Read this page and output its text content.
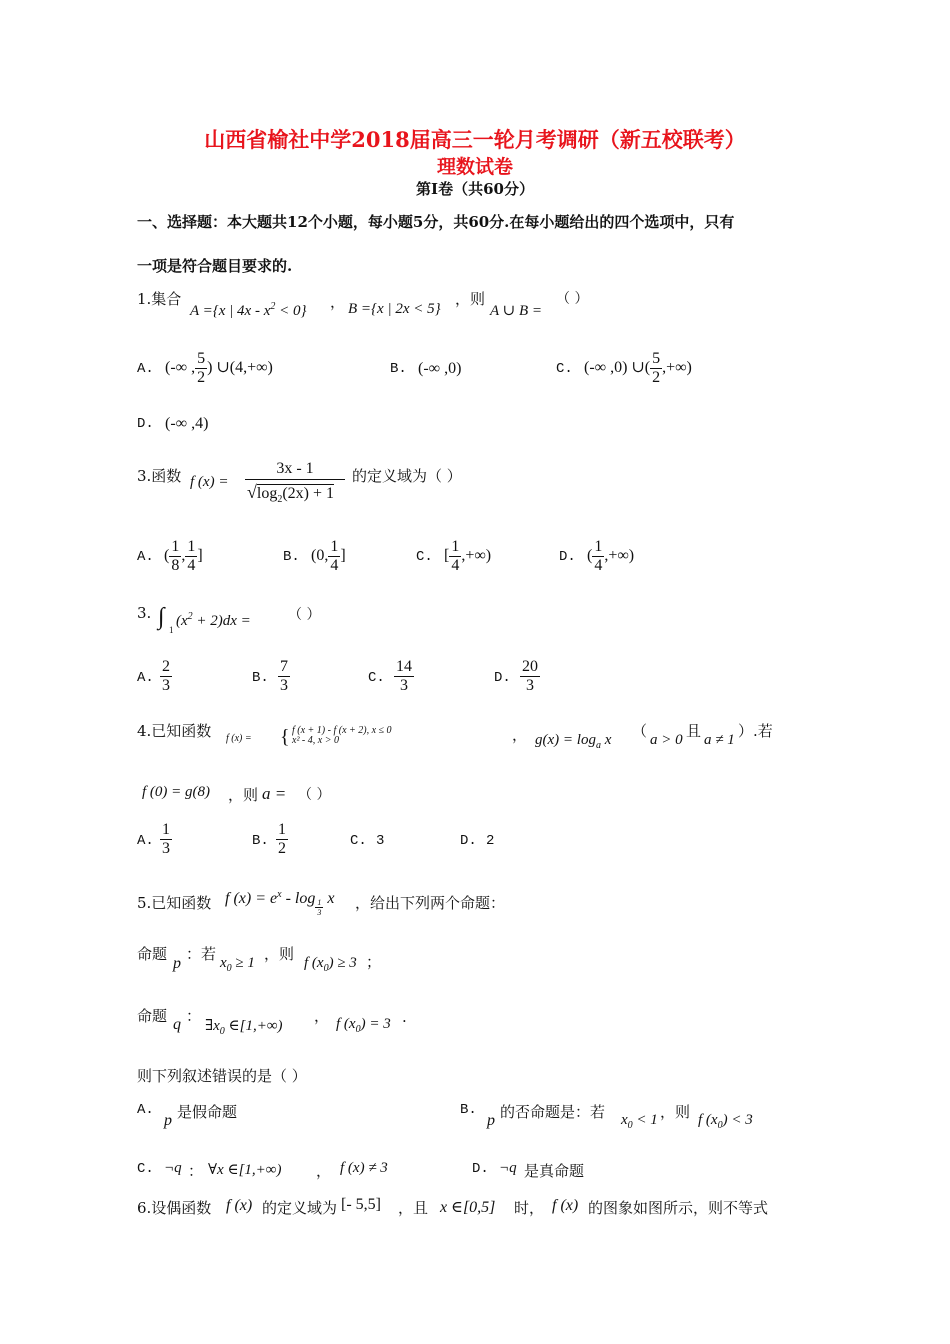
山西省榆社中学2018届高三一轮月考调研（新五校联考）
理数试卷
第Ⅰ卷（共60分）
一、选择题：本大题共12个小题，每小题5分，共60分.在每小题给出的四个选项中，只有
一项是符合题目要求的.
1.集合
A ={x | $4x - x^2 < 0$} ， B ={x | 2x < 5}
，则
A ∪ B =
（ ）
A. (-∞ , $\frac{5}{2}$ ) ∪(4,+∞)	B. (-∞ ,0)	C. (-∞ ,0) ∪( $\frac{5}{2}$ ,+∞)
D. (-∞ ,4)
3.函数 f $(x) = \frac{3x - 1}{√\log_2(2x) + 1}$ 的定义域为（ ）
A. ( $\frac{1}{8}$ , $\frac{1}{4}$ ]	B. (0, $\frac{1}{4}$ ]	C. [ $\frac{1}{4}$ ,+∞)	D. ( $\frac{1}{4}$ ,+∞)
3. ∫ 1
$(x^2 + 2)dx$ =	（ ）
A. $\frac{2}{3}$	B. $\frac{7}{3}$	C. $\frac{14}{3}$	D. $\frac{20}{3}$
4.已知函数 f (x) = { f (x + 1) - f (x + 2), x ≤ 0
x² - 4, x > 0	， $g(x) = \log_a x$ （ a > 0 且 a ≠ 1 ）.若
f (0) = g(8) ，则 a = （ ）
A. $\frac{1}{3}$	B. $\frac{1}{2}$	C. 3	D. 2
5.已知函数 f $(x) = e^x - \log \frac{1}{3}$ x ，给出下列两个命题：
命题
p
：若 $x_0 \ge 1$ ，则 f $(x_0) \ge 3$ ；
命题 q ：
$\exists x_0$ ∈[1,+∞)
， f $(x_0) = 3$ .
则下列叙述错误的是（ ）
A.
p 是假命题	B.
p 的否命题是：若 $x_0 < 1$ ，则 f $(x_0) < 3$
C. ¬q ： ∀x ∈[1,+∞) ， f (x) ≠ 3	D. ¬q 是真命题
6.设偶函数 f (x) 的定义域为 [- 5,5] ，且 x ∈[0,5] 时， f (x) 的图象如图所示，则不等式
